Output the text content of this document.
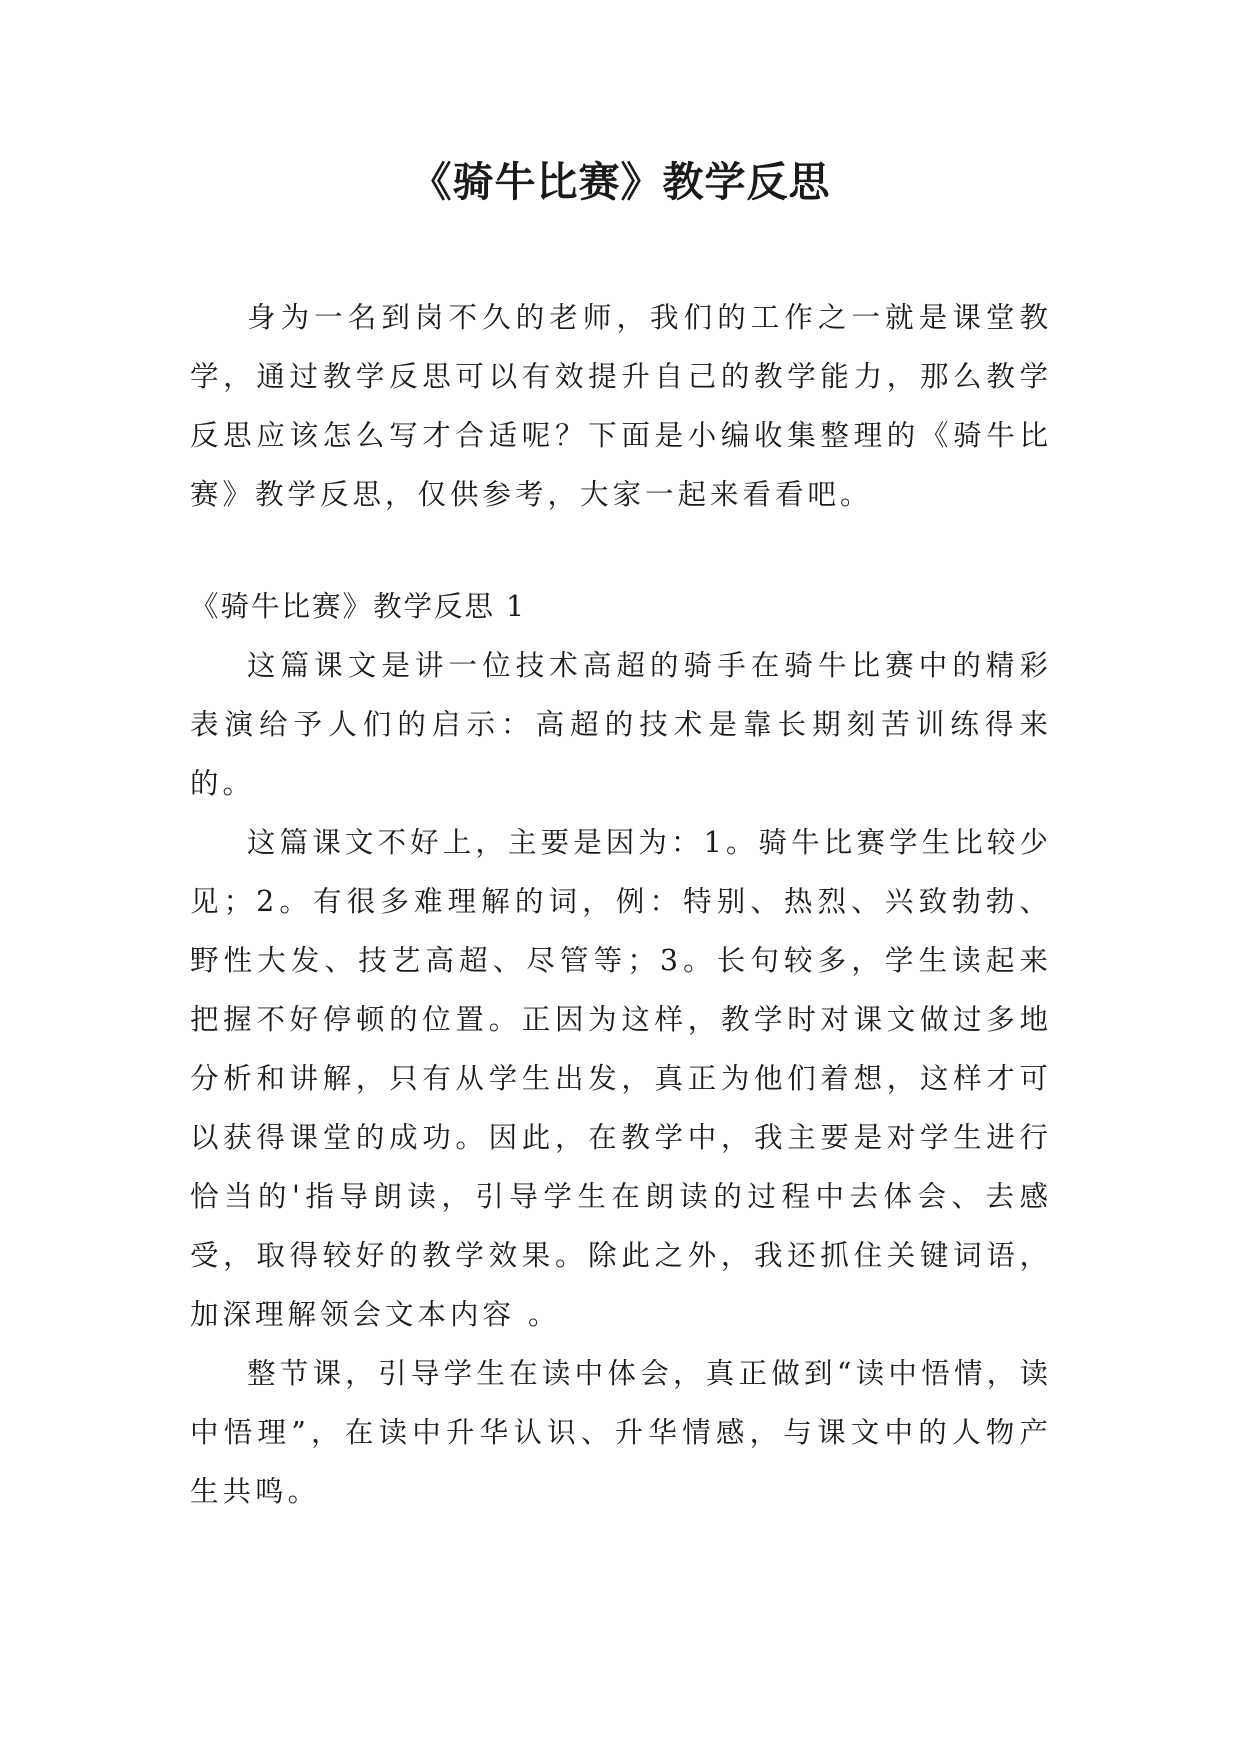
《骑牛比赛》教学反思

身为一名到岗不久的老师，我们的工作之一就是课堂教学，通过教学反思可以有效提升自己的教学能力，那么教学反思应该怎么写才合适呢？下面是小编收集整理的《骑牛比赛》教学反思，仅供参考，大家一起来看看吧。

《骑牛比赛》教学反思 1

这篇课文是讲一位技术高超的骑手在骑牛比赛中的精彩表演给予人们的启示：高超的技术是靠长期刻苦训练得来的。

这篇课文不好上，主要是因为：1。骑牛比赛学生比较少见；2。有很多难理解的词，例：特别、热烈、兴致勃勃、野性大发、技艺高超、尽管等；3。长句较多，学生读起来把握不好停顿的位置。正因为这样，教学时对课文做过多地分析和讲解，只有从学生出发，真正为他们着想，这样才可以获得课堂的成功。因此，在教学中，我主要是对学生进行恰当的'指导朗读，引导学生在朗读的过程中去体会、去感受，取得较好的教学效果。除此之外，我还抓住关键词语，加深理解领会文本内容 。

整节课，引导学生在读中体会，真正做到“读中悟情，读中悟理”，在读中升华认识、升华情感，与课文中的人物产生共鸣。
